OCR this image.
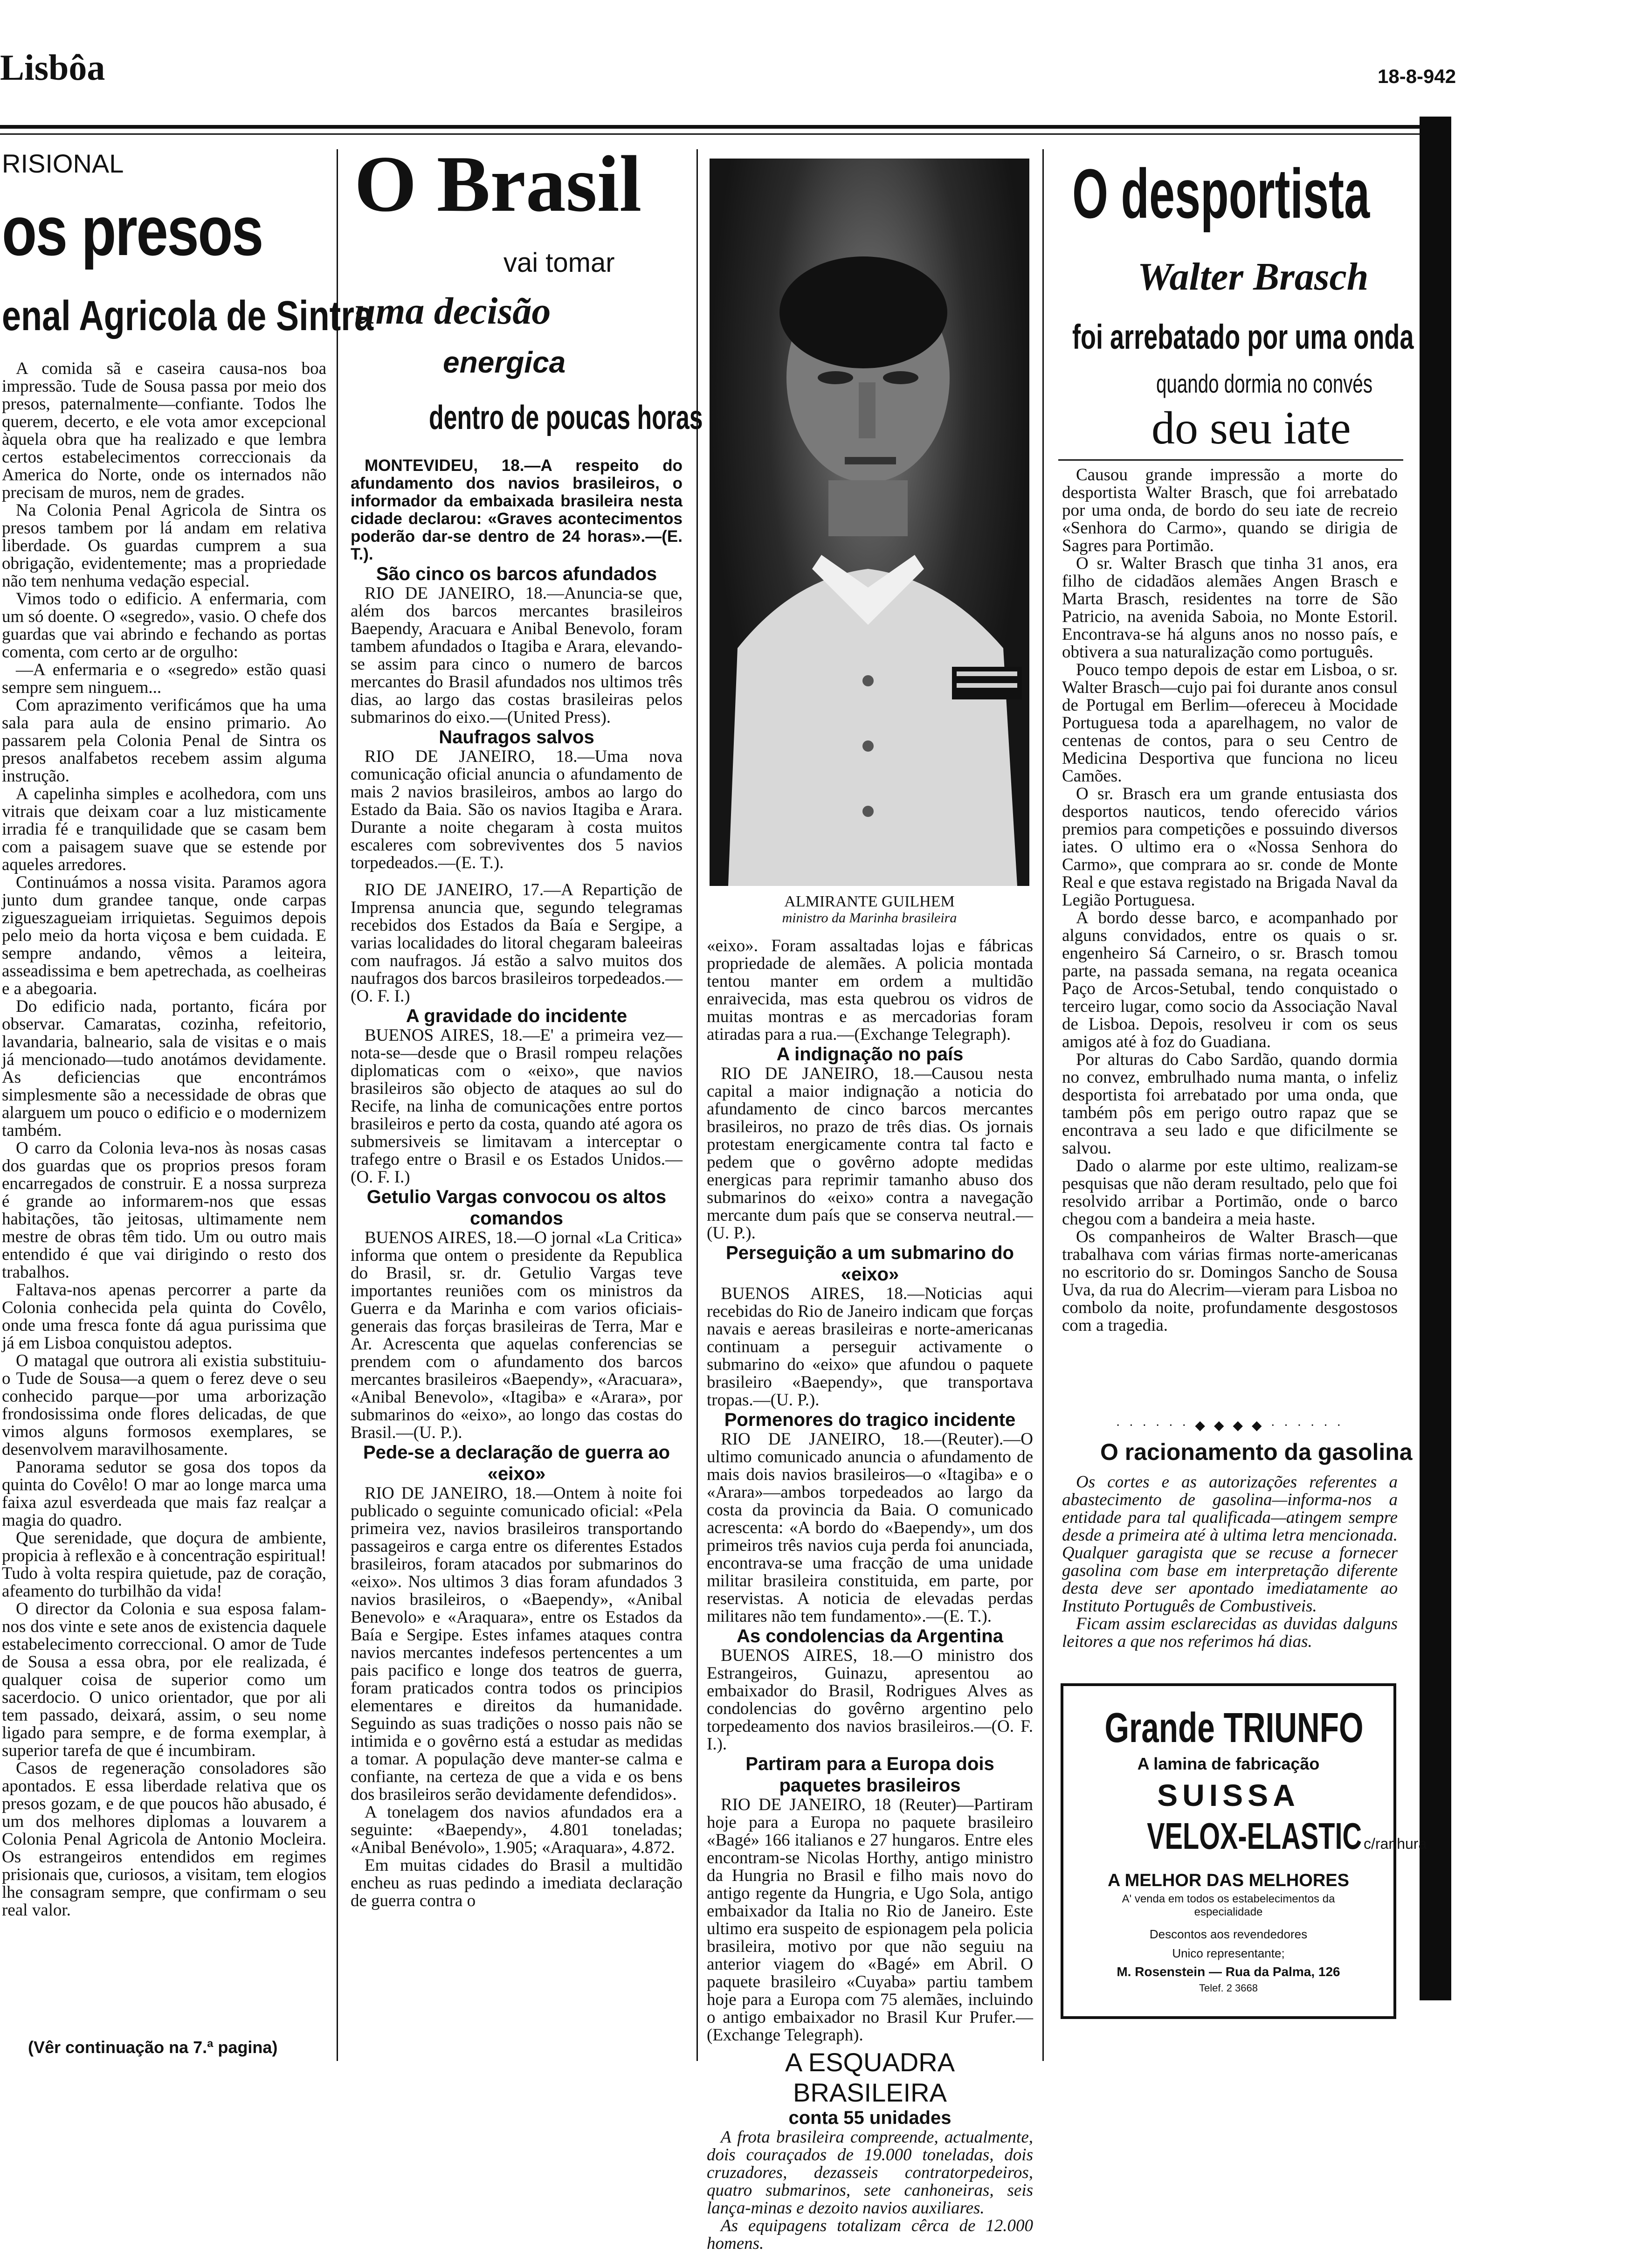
Lisbôa	18-8-942
RISIONAL
os presos
enal Agricola de Sintra

A comida sã e caseira causa-nos boa impressão. Tude de Sousa passa por meio dos presos, paternalmente—confiante. Todos lhe querem, decerto, e ele vota amor excepcional àquela obra que ha realizado e que lembra certos estabelecimentos correccionais da America do Norte, onde os internados não precisam de muros, nem de grades.

Na Colonia Penal Agricola de Sintra os presos tambem por lá andam em relativa liberdade. Os guardas cumprem a sua obrigação, evidentemente; mas a propriedade não tem nenhuma vedação especial.

Vimos todo o edificio. A enfermaria, com um só doente. O «segredo», vasio. O chefe dos guardas que vai abrindo e fechando as portas comenta, com certo ar de orgulho:

—A enfermaria e o «segredo» estão quasi sempre sem ninguem...

Com aprazimento verificámos que ha uma sala para aula de ensino primario. Ao passarem pela Colonia Penal de Sintra os presos analfabetos recebem assim alguma instrução.

A capelinha simples e acolhedora, com uns vitrais que deixam coar a luz misticamente irradia fé e tranquilidade que se casam bem com a paisagem suave que se estende por aqueles arredores.

Continuámos a nossa visita. Paramos agora junto dum grandee tanque, onde carpas zigueszagueiam irriquietas. Seguimos depois pelo meio da horta viçosa e bem cuidada. E sempre andando, vêmos a leiteira, asseadissima e bem apetrechada, as coelheiras e a abegoaria.

Do edificio nada, portanto, ficára por observar. Camaratas, cozinha, refeitorio, lavandaria, balneario, sala de visitas e o mais já mencionado—tudo anotámos devidamente. As deficiencias que encontrámos simplesmente são a necessidade de obras que alarguem um pouco o edificio e o modernizem também.

O carro da Colonia leva-nos às nosas casas dos guardas que os proprios presos foram encarregados de construir. E a nossa surpreza é grande ao informarem-nos que essas habitações, tão jeitosas, ultimamente nem mestre de obras têm tido. Um ou outro mais entendido é que vai dirigindo o resto dos trabalhos.

Faltava-nos apenas percorrer a parte da Colonia conhecida pela quinta do Covêlo, onde uma fresca fonte dá agua purissima que já em Lisboa conquistou adeptos.

O matagal que outrora ali existia substituiu-o Tude de Sousa—a quem o ferez deve o seu conhecido parque—por uma arborização frondosissima onde flores delicadas, de que vimos alguns formosos exemplares, se desenvolvem maravilhosamente.

Panorama sedutor se gosa dos topos da quinta do Covêlo! O mar ao longe marca uma faixa azul esverdeada que mais faz realçar a magia do quadro.

Que serenidade, que doçura de ambiente, propicia à reflexão e à concentração espiritual! Tudo à volta respira quietude, paz de coração, afeamento do turbilhão da vida!

O director da Colonia e sua esposa falam-nos dos vinte e sete anos de existencia daquele estabelecimento correccional. O amor de Tude de Sousa a essa obra, por ele realizada, é qualquer coisa de superior como um sacerdocio. O unico orientador, que por ali tem passado, deixará, assim, o seu nome ligado para sempre, e de forma exemplar, à superior tarefa de que é incumbiram.

Casos de regeneração consoladores são apontados. E essa liberdade relativa que os presos gozam, e de que poucos hão abusado, é um dos melhores diplomas a louvarem a Colonia Penal Agricola de Antonio Mocleira. Os estrangeiros entendidos em regimes prisionais que, curiosos, a visitam, tem elogios lhe consagram sempre, que confirmam o seu real valor.

(Vêr continuação na 7.ª pagina)
O Brasil
vai tomar
uma decisão
energica
dentro de poucas horas
MONTEVIDEU, 18.—A respeito do afundamento dos navios brasileiros, o informador da embaixada brasileira nesta cidade declarou: «Graves acontecimentos poderão dar-se dentro de 24 horas».—(E. T.).
São cinco os barcos afundados

RIO DE JANEIRO, 18.—Anuncia-se que, além dos barcos mercantes brasileiros Baependy, Aracuara e Anibal Benevolo, foram tambem afundados o Itagiba e Arara, elevando-se assim para cinco o numero de barcos mercantes do Brasil afundados nos ultimos três dias, ao largo das costas brasileiras pelos submarinos do eixo.—(United Press).

Naufragos salvos

RIO DE JANEIRO, 18.—Uma nova comunicação oficial anuncia o afundamento de mais 2 navios brasileiros, ambos ao largo do Estado da Baia. São os navios Itagiba e Arara. Durante a noite chegaram à costa muitos escaleres com sobreviventes dos 5 navios torpedeados.—(E. T.).

RIO DE JANEIRO, 17.—A Repartição de Imprensa anuncia que, segundo telegramas recebidos dos Estados da Baía e Sergipe, a varias localidades do litoral chegaram baleeiras com naufragos. Já estão a salvo muitos dos naufragos dos barcos brasileiros torpedeados.—(O. F. I.)

A gravidade do incidente

BUENOS AIRES, 18.—E' a primeira vez—nota-se—desde que o Brasil rompeu relações diplomaticas com o «eixo», que navios brasileiros são objecto de ataques ao sul do Recife, na linha de comunicações entre portos brasileiros e perto da costa, quando até agora os submersiveis se limitavam a interceptar o trafego entre o Brasil e os Estados Unidos.—(O. F. I.)

Getulio Vargas convocou os altos comandos

BUENOS AIRES, 18.—O jornal «La Critica» informa que ontem o presidente da Republica do Brasil, sr. dr. Getulio Vargas teve importantes reuniões com os ministros da Guerra e da Marinha e com varios oficiais-generais das forças brasileiras de Terra, Mar e Ar. Acrescenta que aquelas conferencias se prendem com o afundamento dos barcos mercantes brasileiros «Baependy», «Aracuara», «Anibal Benevolo», «Itagiba» e «Arara», por submarinos do «eixo», ao longo das costas do Brasil.—(U. P.).

Pede-se a declaração de guerra ao «eixo»

RIO DE JANEIRO, 18.—Ontem à noite foi publicado o seguinte comunicado oficial: «Pela primeira vez, navios brasileiros transportando passageiros e carga entre os diferentes Estados brasileiros, foram atacados por submarinos do «eixo». Nos ultimos 3 dias foram afundados 3 navios brasileiros, o «Baependy», «Anibal Benevolo» e «Araquara», entre os Estados da Baía e Sergipe. Estes infames ataques contra navios mercantes indefesos pertencentes a um pais pacifico e longe dos teatros de guerra, foram praticados contra todos os principios elementares e direitos da humanidade. Seguindo as suas tradições o nosso pais não se intimida e o govêrno está a estudar as medidas a tomar. A população deve manter-se calma e confiante, na certeza de que a vida e os bens dos brasileiros serão devidamente defendidos».

A tonelagem dos navios afundados era a seguinte: «Baependy», 4.801 toneladas; «Anibal Benévolo», 1.905; «Araquara», 4.872.

Em muitas cidades do Brasil a multidão encheu as ruas pedindo a imediata declaração de guerra contra o

ALMIRANTE GUILHEM
ministro da Marinha brasileira

«eixo». Foram assaltadas lojas e fábricas propriedade de alemães. A policia montada tentou manter em ordem a multidão enraivecida, mas esta quebrou os vidros de muitas montras e as mercadorias foram atiradas para a rua.—(Exchange Telegraph).

A indignação no país

RIO DE JANEIRO, 18.—Causou nesta capital a maior indignação a noticia do afundamento de cinco barcos mercantes brasileiros, no prazo de três dias. Os jornais protestam energicamente contra tal facto e pedem que o govêrno adopte medidas energicas para reprimir tamanho abuso dos submarinos do «eixo» contra a navegação mercante dum país que se conserva neutral.—(U. P.).

Perseguição a um submarino do «eixo»

BUENOS AIRES, 18.—Noticias aqui recebidas do Rio de Janeiro indicam que forças navais e aereas brasileiras e norte-americanas continuam a perseguir activamente o submarino do «eixo» que afundou o paquete brasileiro «Baependy», que transportava tropas.—(U. P.).

Pormenores do tragico incidente

RIO DE JANEIRO, 18.—(Reuter).—O ultimo comunicado anuncia o afundamento de mais dois navios brasileiros—o «Itagiba» e o «Arara»—ambos torpedeados ao largo da costa da provincia da Baia. O comunicado acrescenta: «A bordo do «Baependy», um dos primeiros três navios cuja perda foi anunciada, encontrava-se uma fracção de uma unidade militar brasileira constituida, em parte, por reservistas. A noticia de elevadas perdas militares não tem fundamento».—(E. T.).

As condolencias da Argentina

BUENOS AIRES, 18.—O ministro dos Estrangeiros, Guinazu, apresentou ao embaixador do Brasil, Rodrigues Alves as condolencias do govêrno argentino pelo torpedeamento dos navios brasileiros.—(O. F. I.).

Partiram para a Europa dois paquetes brasileiros

RIO DE JANEIRO, 18 (Reuter)—Partiram hoje para a Europa no paquete brasileiro «Bagé» 166 italianos e 27 hungaros. Entre eles encontram-se Nicolas Horthy, antigo ministro da Hungria no Brasil e filho mais novo do antigo regente da Hungria, e Ugo Sola, antigo embaixador da Italia no Rio de Janeiro. Este ultimo era suspeito de espionagem pela policia brasileira, motivo por que não seguiu na anterior viagem do «Bagé» em Abril. O paquete brasileiro «Cuyaba» partiu tambem hoje para a Europa com 75 alemães, incluindo o antigo embaixador no Brasil Kur Prufer.—(Exchange Telegraph).

A ESQUADRA BRASILEIRA
conta 55 unidades

A frota brasileira compreende, actualmente, dois couraçados de 19.000 toneladas, dois cruzadores, dezasseis contratorpedeiros, quatro submarinos, sete canhoneiras, seis lança-minas e dezoito navios auxiliares.

As equipagens totalizam cêrca de 12.000 homens.

O desportista
Walter Brasch
foi arrebatado por uma onda
quando dormia no convés
do seu iate

Causou grande impressão a morte do desportista Walter Brasch, que foi arrebatado por uma onda, de bordo do seu iate de recreio «Senhora do Carmo», quando se dirigia de Sagres para Portimão.

O sr. Walter Brasch que tinha 31 anos, era filho de cidadãos alemães Angen Brasch e Marta Brasch, residentes na torre de São Patricio, na avenida Saboia, no Monte Estoril. Encontrava-se há alguns anos no nosso país, e obtivera a sua naturalização como português.

Pouco tempo depois de estar em Lisboa, o sr. Walter Brasch—cujo pai foi durante anos consul de Portugal em Berlim—ofereceu à Mocidade Portuguesa toda a aparelhagem, no valor de centenas de contos, para o seu Centro de Medicina Desportiva que funciona no liceu Camões.

O sr. Brasch era um grande entusiasta dos desportos nauticos, tendo oferecido vários premios para competições e possuindo diversos iates. O ultimo era o «Nossa Senhora do Carmo», que comprara ao sr. conde de Monte Real e que estava registado na Brigada Naval da Legião Portuguesa.

A bordo desse barco, e acompanhado por alguns convidados, entre os quais o sr. engenheiro Sá Carneiro, o sr. Brasch tomou parte, na passada semana, na regata oceanica Paço de Arcos-Setubal, tendo conquistado o terceiro lugar, como socio da Associação Naval de Lisboa. Depois, resolveu ir com os seus amigos até à foz do Guadiana.

Por alturas do Cabo Sardão, quando dormia no convez, embrulhado numa manta, o infeliz desportista foi arrebatado por uma onda, que também pôs em perigo outro rapaz que se encontrava a seu lado e que dificilmente se salvou.

Dado o alarme por este ultimo, realizam-se pesquisas que não deram resultado, pelo que foi resolvido arribar a Portimão, onde o barco chegou com a bandeira a meia haste.

Os companheiros de Walter Brasch—que trabalhava com várias firmas norte-americanas no escritorio do sr. Domingos Sancho de Sousa Uva, da rua do Alecrim—vieram para Lisboa no combolo da noite, profundamente desgostosos com a tragedia.

· · · · · · ◆ ◆ ◆ ◆ · · · · · ·
O racionamento da gasolina

Os cortes e as autorizações referentes a abastecimento de gasolina—informa-nos a entidade para tal qualificada—atingem sempre desde a primeira até à ultima letra mencionada. Qualquer garagista que se recuse a fornecer gasolina com base em interpretação diferente desta deve ser apontado imediatamente ao Instituto Português de Combustiveis.

Ficam assim esclarecidas as duvidas dalguns leitores a que nos referimos há dias.

Grande TRIUNFO
A lamina de fabricação
SUISSA
VELOX-ELASTIC c/ranhura
A MELHOR DAS MELHORES
A' venda em todos os estabelecimentos da especialidade
Descontos aos revendedores
Unico representante;
M. Rosenstein — Rua da Palma, 126
Telef. 2 3668
